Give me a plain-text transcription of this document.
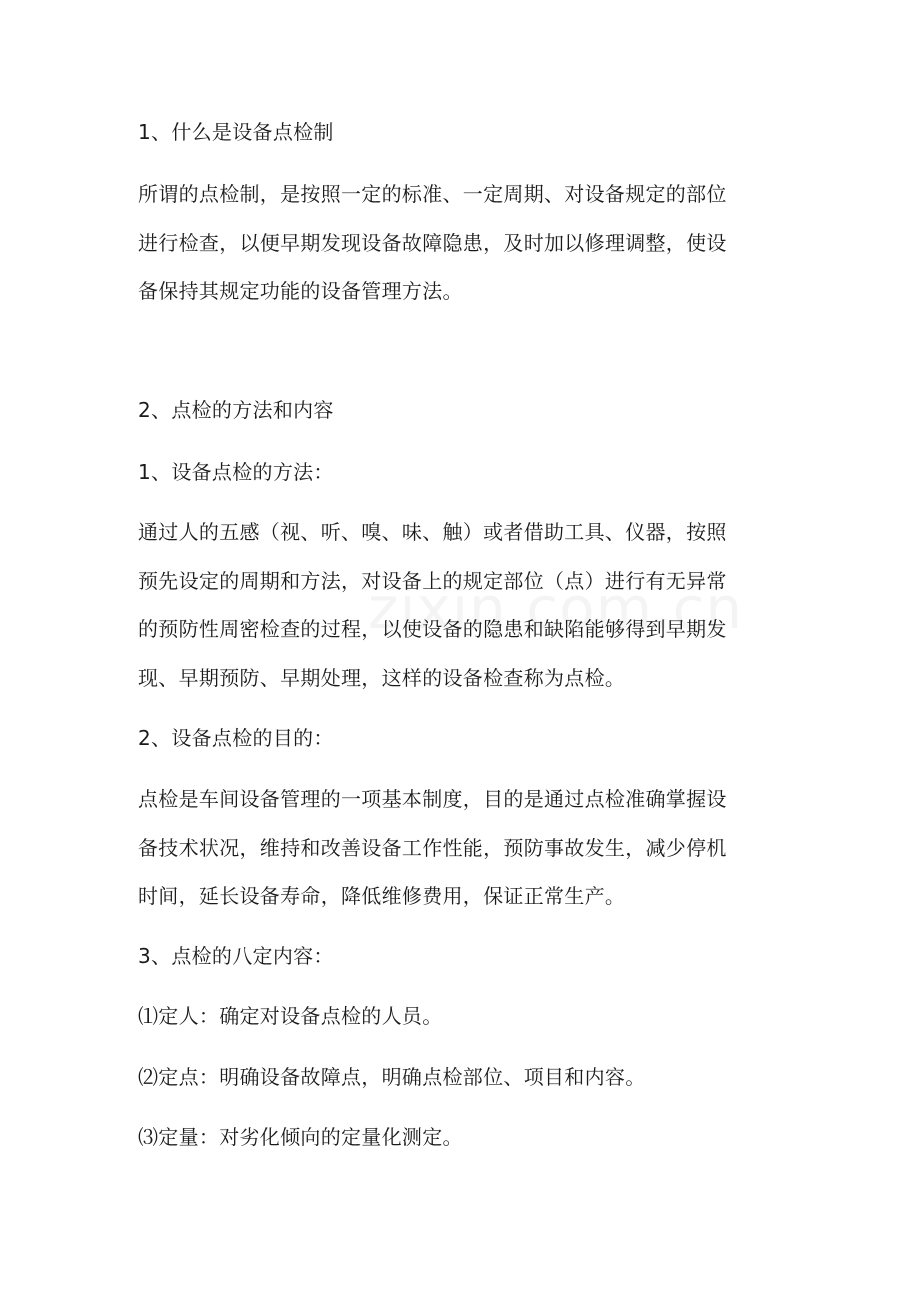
1、什么是设备点检制
所谓的点检制，是按照一定的标准、一定周期、对设备规定的部位
进行检查，以便早期发现设备故障隐患，及时加以修理调整，使设
备保持其规定功能的设备管理方法。
2、点检的方法和内容
1、设备点检的方法：
通过人的五感（视、听、嗅、味、触）或者借助工具、仪器，按照
预先设定的周期和方法，对设备上的规定部位（点）进行有无异常
的预防性周密检查的过程，以使设备的隐患和缺陷能够得到早期发
现、早期预防、早期处理，这样的设备检查称为点检。
2、设备点检的目的：
点检是车间设备管理的一项基本制度，目的是通过点检准确掌握设
备技术状况，维持和改善设备工作性能，预防事故发生，减少停机
时间，延长设备寿命，降低维修费用，保证正常生产。
3、点检的八定内容：
⑴定人：确定对设备点检的人员。
⑵定点：明确设备故障点，明确点检部位、项目和内容。
⑶定量：对劣化倾向的定量化测定。
